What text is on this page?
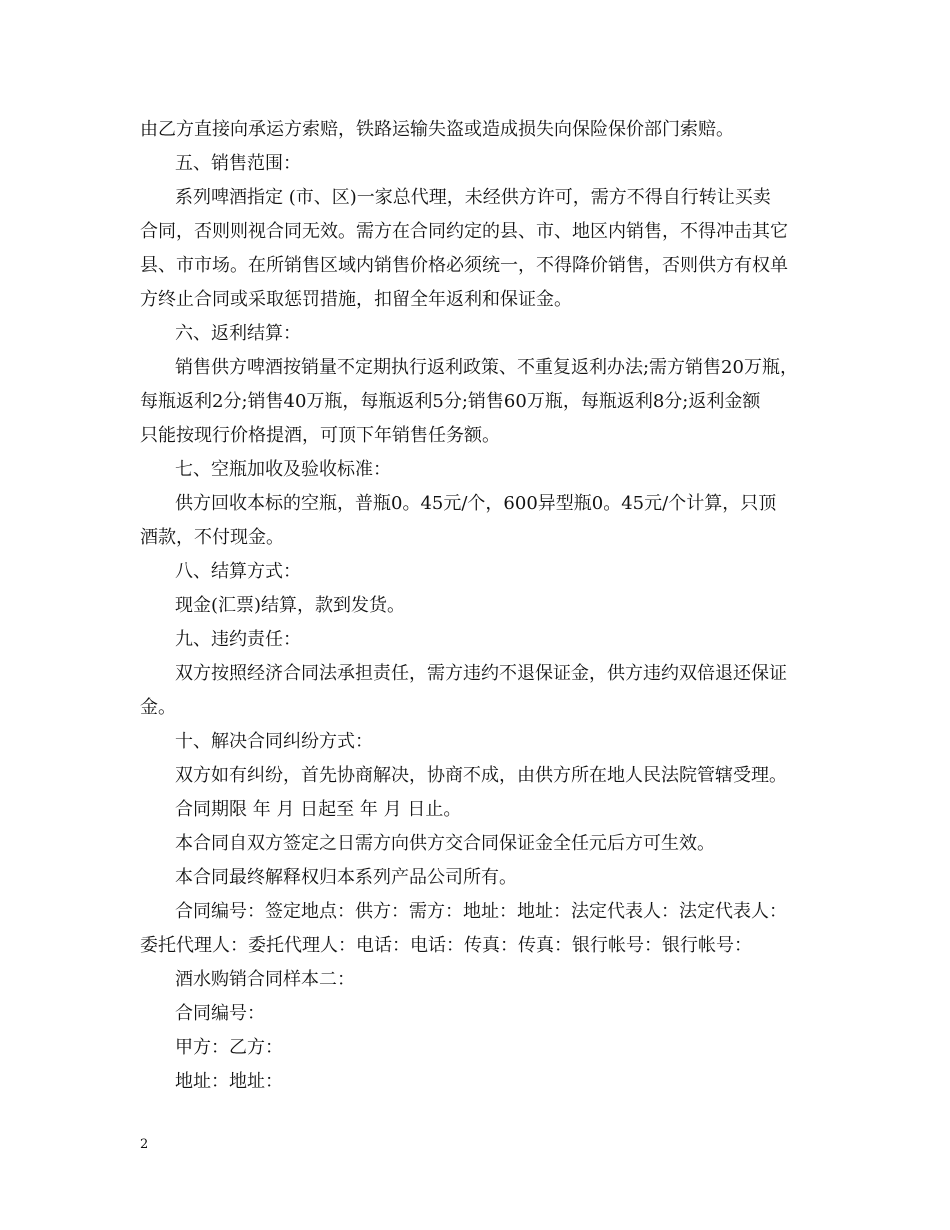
由乙方直接向承运方索赔，铁路运输失盗或造成损失向保险保价部门索赔。
五、销售范围：
系列啤酒指定 (市、区)一家总代理，未经供方许可，需方不得自行转让买卖
合同，否则则视合同无效。需方在合同约定的县、市、地区内销售，不得冲击其它
县、市市场。在所销售区域内销售价格必须统一，不得降价销售，否则供方有权单
方终止合同或采取惩罚措施，扣留全年返利和保证金。
六、返利结算：
销售供方啤酒按销量不定期执行返利政策、不重复返利办法;需方销售20万瓶，
每瓶返利2分;销售40万瓶，每瓶返利5分;销售60万瓶，每瓶返利8分;返利金额
只能按现行价格提酒，可顶下年销售任务额。
七、空瓶加收及验收标准：
供方回收本标的空瓶，普瓶0。45元/个，600异型瓶0。45元/个计算，只顶
酒款，不付现金。
八、结算方式：
现金(汇票)结算，款到发货。
九、违约责任：
双方按照经济合同法承担责任，需方违约不退保证金，供方违约双倍退还保证
金。
十、解决合同纠纷方式：
双方如有纠纷，首先协商解决，协商不成，由供方所在地人民法院管辖受理。
合同期限 年 月 日起至 年 月 日止。
本合同自双方签定之日需方向供方交合同保证金全任元后方可生效。
本合同最终解释权归本系列产品公司所有。
合同编号：签定地点：供方：需方：地址：地址：法定代表人：法定代表人：
委托代理人：委托代理人：电话：电话：传真：传真：银行帐号：银行帐号：
酒水购销合同样本二：
合同编号：
甲方：乙方：
地址：地址：
2
